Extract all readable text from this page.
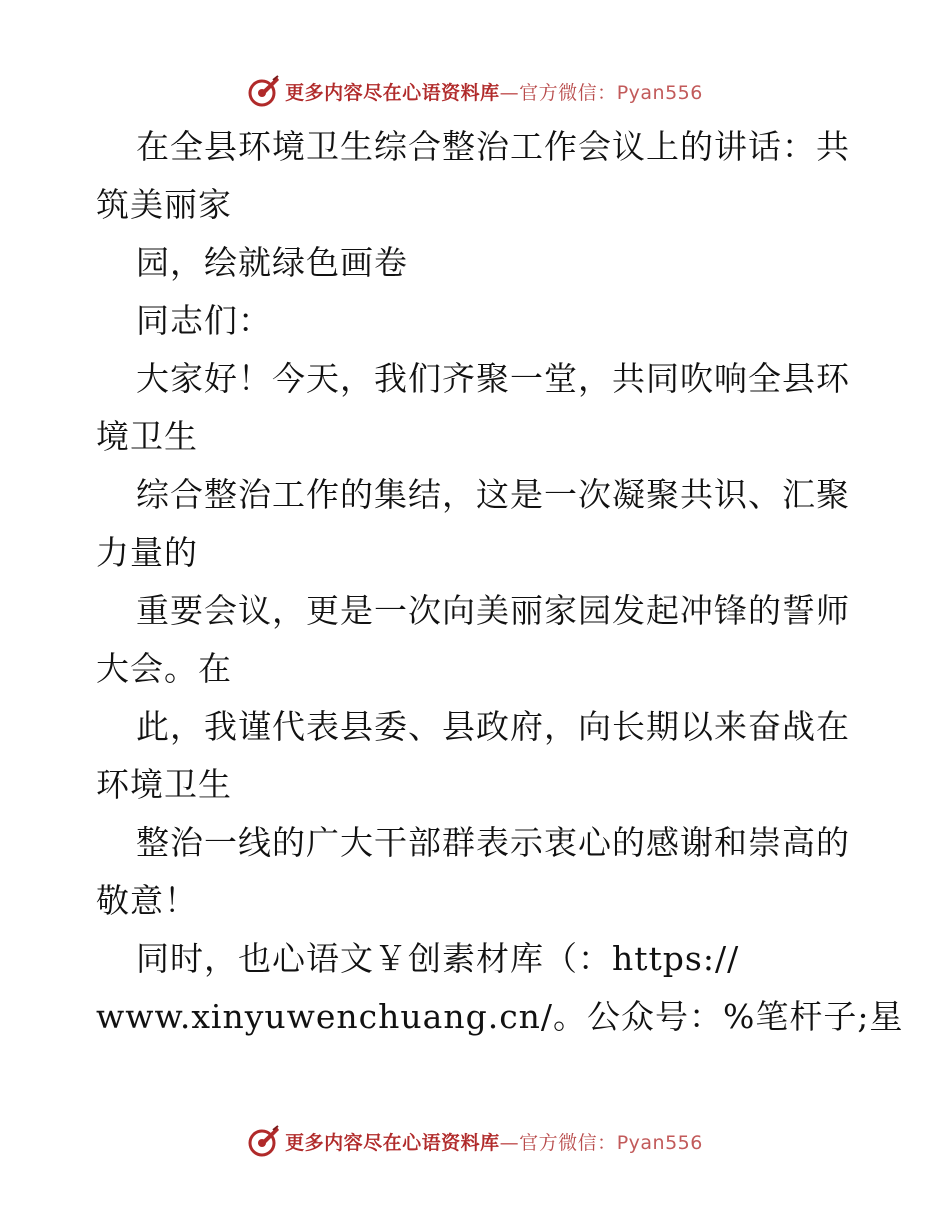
更多内容尽在心语资料库—官方微信：Pyan556
在全县环境卫生综合整治工作会议上的讲话：共
筑美丽家
园，绘就绿色画卷
同志们：
大家好！今天，我们齐聚一堂，共同吹响全县环
境卫生
综合整治工作的集结，这是一次凝聚共识、汇聚
力量的
重要会议，更是一次向美丽家园发起冲锋的誓师
大会。在
此，我谨代表县委、县政府，向长期以来奋战在
环境卫生
整治一线的广大干部群表示衷心的感谢和崇高的
敬意！
同时，也心语文￥创素材库（：https://
www.xinyuwenchuang.cn/。公众号：%笔杆子;星
更多内容尽在心语资料库—官方微信：Pyan556
